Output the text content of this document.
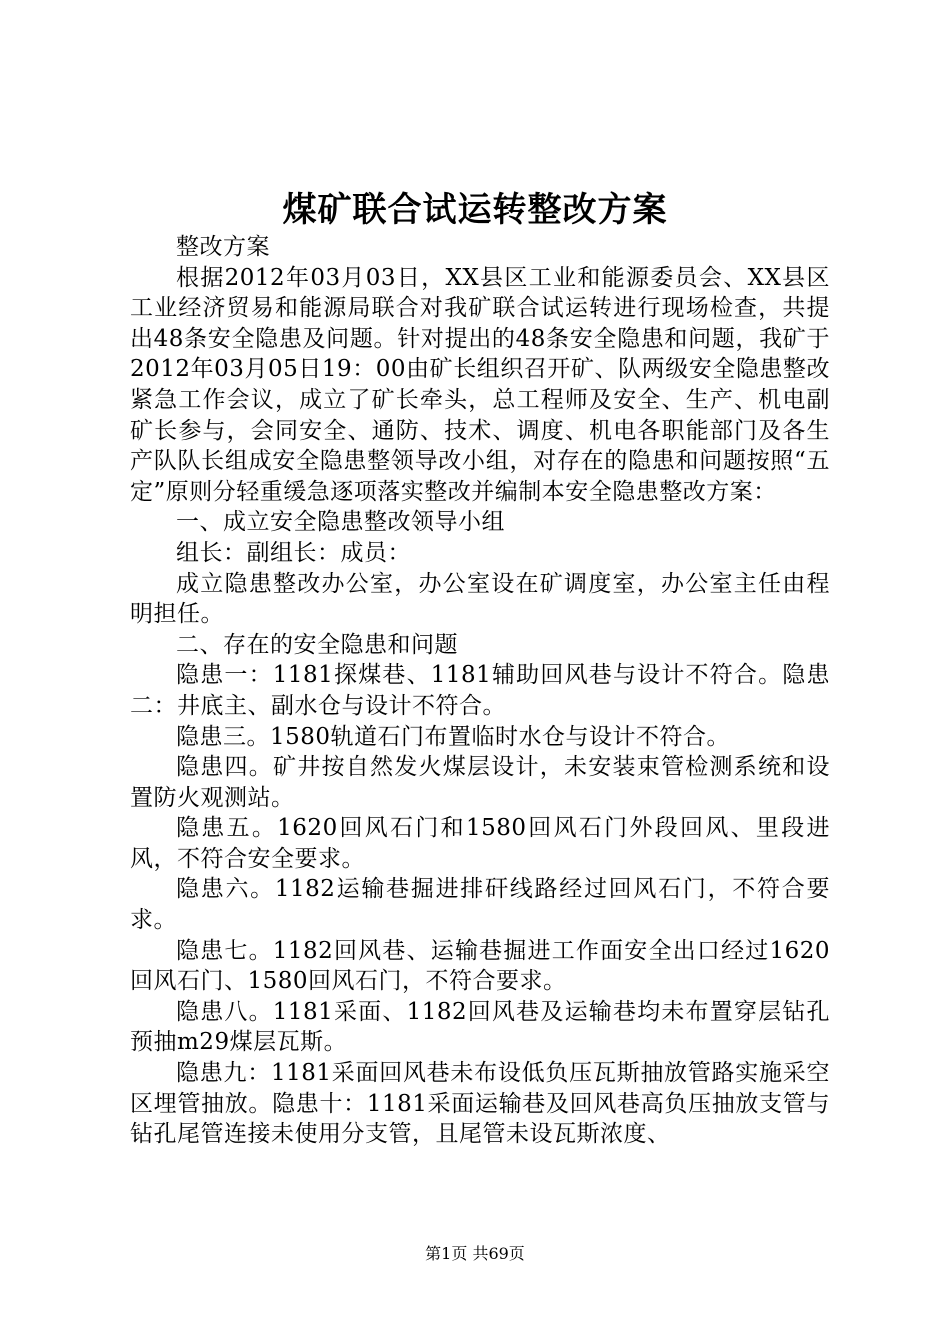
煤矿联合试运转整改方案

整改方案

根据2012年03月03日，XX县区工业和能源委员会、XX县区工业经济贸易和能源局联合对我矿联合试运转进行现场检查，共提出48条安全隐患及问题。针对提出的48条安全隐患和问题，我矿于2012年03月05日19：00由矿长组织召开矿、队两级安全隐患整改紧急工作会议，成立了矿长牵头，总工程师及安全、生产、机电副矿长参与，会同安全、通防、技术、调度、机电各职能部门及各生产队队长组成安全隐患整领导改小组，对存在的隐患和问题按照“五定”原则分轻重缓急逐项落实整改并编制本安全隐患整改方案：

一、成立安全隐患整改领导小组

组长：副组长：成员：

成立隐患整改办公室，办公室设在矿调度室，办公室主任由程明担任。

二、存在的安全隐患和问题

隐患一：1181探煤巷、1181辅助回风巷与设计不符合。隐患二：井底主、副水仓与设计不符合。

隐患三。1580轨道石门布置临时水仓与设计不符合。

隐患四。矿井按自然发火煤层设计，未安装束管检测系统和设置防火观测站。

隐患五。1620回风石门和1580回风石门外段回风、里段进风，不符合安全要求。

隐患六。1182运输巷掘进排矸线路经过回风石门，不符合要求。

隐患七。1182回风巷、运输巷掘进工作面安全出口经过1620回风石门、1580回风石门，不符合要求。

隐患八。1181采面、1182回风巷及运输巷均未布置穿层钻孔预抽m29煤层瓦斯。

隐患九：1181采面回风巷未布设低负压瓦斯抽放管路实施采空区埋管抽放。隐患十：1181采面运输巷及回风巷高负压抽放支管与钻孔尾管连接未使用分支管，且尾管未设瓦斯浓度、

第1页 共69页
